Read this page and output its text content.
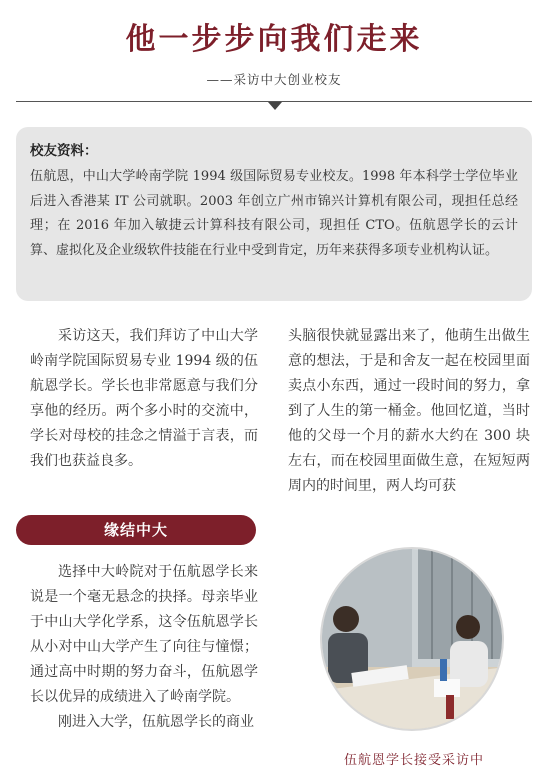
他一步步向我们走来
——采访中大创业校友
校友资料：
伍航恩，中山大学岭南学院 1994 级国际贸易专业校友。1998 年本科学士学位毕业后进入香港某 IT 公司就职。2003 年创立广州市锦兴计算机有限公司，现担任总经理；在 2016 年加入敏捷云计算科技有限公司，现担任 CTO。伍航恩学长的云计算、虚拟化及企业级软件技能在行业中受到肯定，历年来获得多项专业机构认证。

采访这天，我们拜访了中山大学岭南学院国际贸易专业 1994 级的伍航恩学长。学长也非常愿意与我们分享他的经历。两个多小时的交流中，学长对母校的挂念之情溢于言表，而我们也获益良多。

缘结中大

选择中大岭院对于伍航恩学长来说是一个毫无悬念的抉择。母亲毕业于中山大学化学系，这令伍航恩学长从小对中山大学产生了向往与憧憬；通过高中时期的努力奋斗，伍航恩学长以优异的成绩进入了岭南学院。

刚进入大学，伍航恩学长的商业

头脑很快就显露出来了，他萌生出做生意的想法，于是和舍友一起在校园里面卖点小东西，通过一段时间的努力，拿到了人生的第一桶金。他回忆道，当时他的父母一个月的薪水大约在 300 块左右，而在校园里面做生意，在短短两周内的时间里，两人均可获

伍航恩学长接受采访中
